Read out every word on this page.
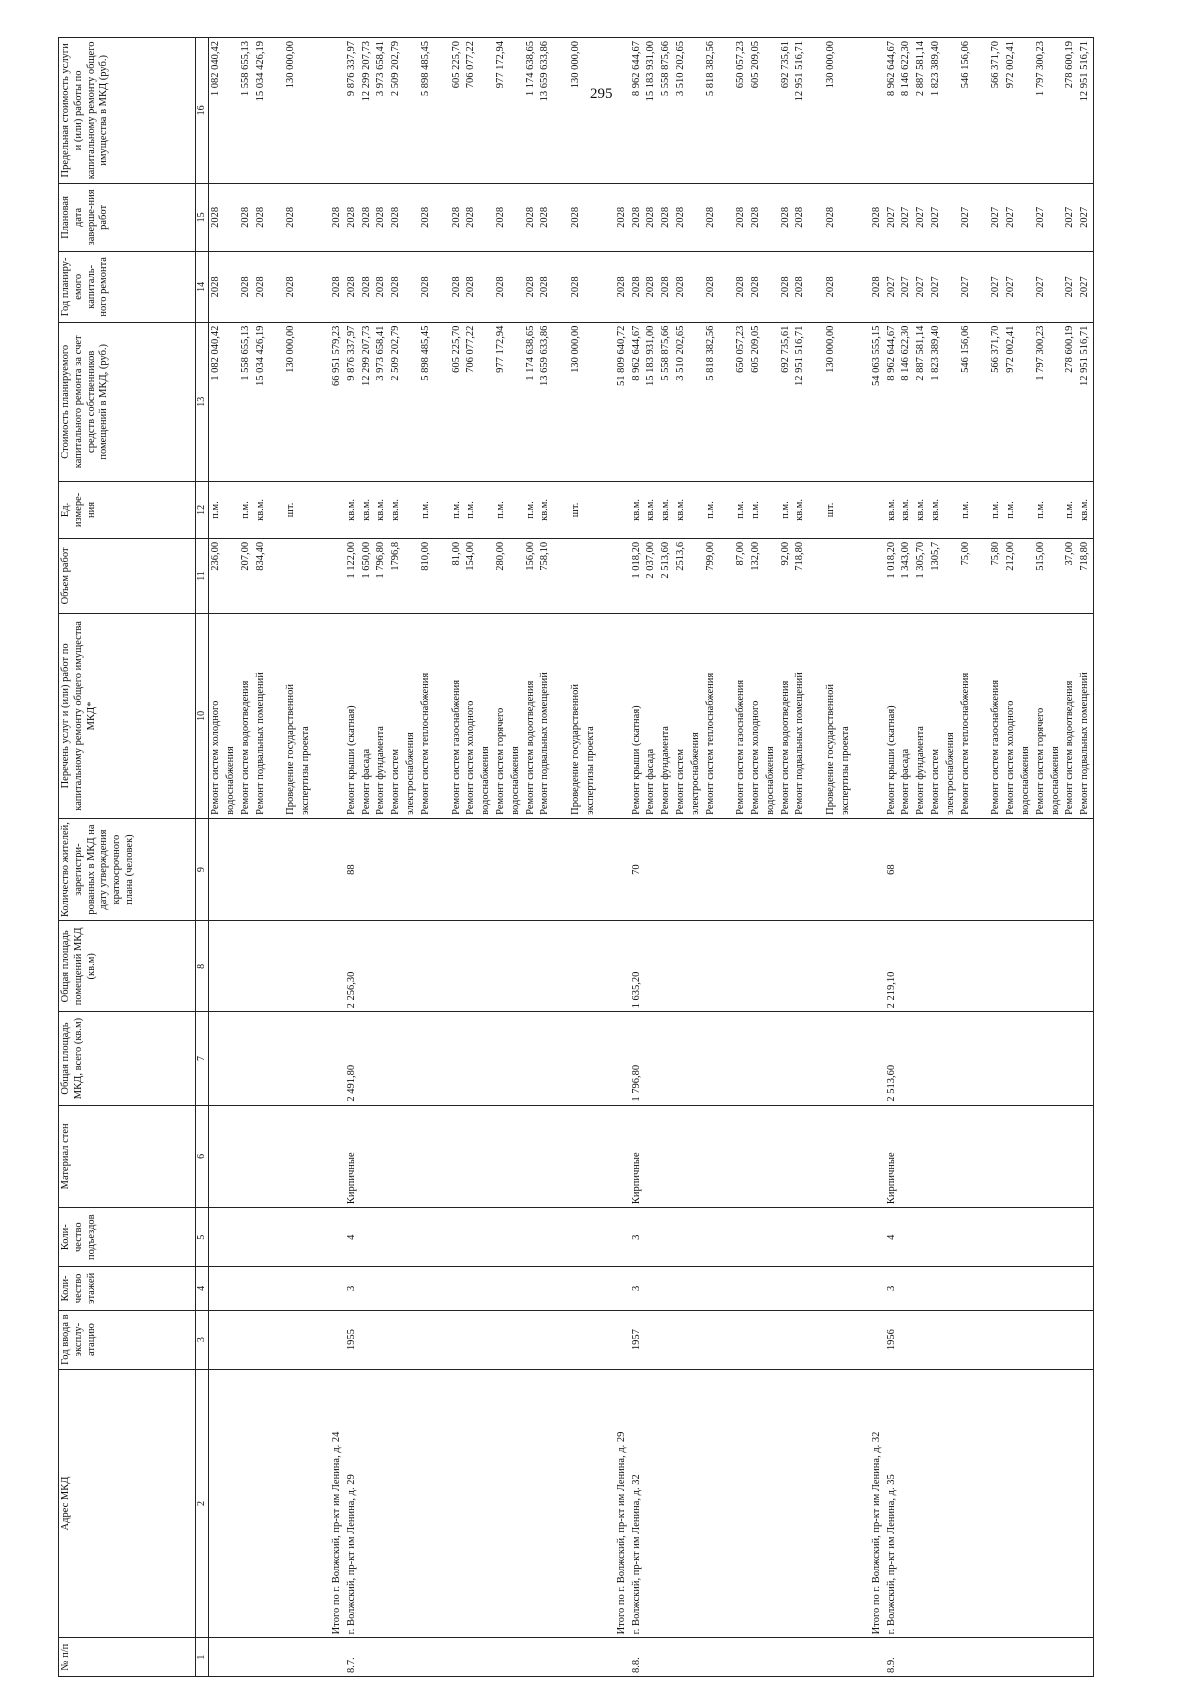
295
№ п/п	Адрес МКД	Год ввода в эксплу-атацию	Коли-чество этажей	Коли-чество подъездов	Материал стен	Общая площадь МКД, всего (кв.м)	Общая площадь помещений МКД (кв.м)	Количество жителей, зарегистри-рованных в МКД на дату утверждения краткосрочного плана (человек)	Перечень услуг и (или) работ по капитальному ремонту общего имущества МКД*	Объем работ	Ед. измере-ния	Стоимость планируемого капитального ремонта за счет средств собственников помещений в МКД, (руб.)	Год планиру-емого капиталь-ного ремонта	Плановая дата заверше-ния работ	Предельная стоимость услуги и (или) работы по капитальному ремонту общего имущества в МКД (руб.)
1	2	3	4	5	6	7	8	9	10	11	12	13	14	15	16
									Ремонт систем холодного	236,00	п.м.	1 082 040,42	2028	2028	1 082 040,42
									водоснабжения						
									Ремонт систем водоотведения	207,00	п.м.	1 558 655,13	2028	2028	1 558 655,13
									Ремонт подвальных помещений	834,40	кв.м.	15 034 426,19	2028	2028	15 034 426,19

									Проведение государственной		шт.	130 000,00	2028	2028	130 000,00
									экспертизы проекта						

	Итого по г. Волжский, пр-кт им Ленина, д. 24											66 951 579,23	2028	2028	
8.7.	г. Волжский, пр-кт им Ленина, д. 29	1955	3	4	Кирпичные	2 491,80	2 256,30	88	Ремонт крыши (скатная)	1 122,00	кв.м.	9 876 337,97	2028	2028	9 876 337,97
									Ремонт фасада	1 650,00	кв.м.	12 299 207,73	2028	2028	12 299 207,73
									Ремонт фундамента	1 796,80	кв.м.	3 973 658,41	2028	2028	3 973 658,41
									Ремонт систем	1796,8	кв.м.	2 509 202,79	2028	2028	2 509 202,79
									электроснабжения						
									Ремонт систем теплоснабжения	810,00	п.м.	5 898 485,45	2028	2028	5 898 485,45

									Ремонт систем газоснабжения	81,00	п.м.	605 225,70	2028	2028	605 225,70
									Ремонт систем холодного	154,00	п.м.	706 077,22	2028	2028	706 077,22
									водоснабжения						
									Ремонт систем горячего	280,00	п.м.	977 172,94	2028	2028	977 172,94
									водоснабжения						
									Ремонт систем водоотведения	156,00	п.м.	1 174 638,65	2028	2028	1 174 638,65
									Ремонт подвальных помещений	758,10	кв.м.	13 659 633,86	2028	2028	13 659 633,86

									Проведение государственной		шт.	130 000,00	2028	2028	130 000,00
									экспертизы проекта						

	Итого по г. Волжский, пр-кт им Ленина, д. 29											51 809 640,72	2028	2028	
8.8.	г. Волжский, пр-кт им Ленина, д. 32	1957	3	3	Кирпичные	1 796,80	1 635,20	70	Ремонт крыши (скатная)	1 018,20	кв.м.	8 962 644,67	2028	2028	8 962 644,67
									Ремонт фасада	2 037,00	кв.м.	15 183 931,00	2028	2028	15 183 931,00
									Ремонт фундамента	2 513,60	кв.м.	5 558 875,66	2028	2028	5 558 875,66
									Ремонт систем	2513,6	кв.м.	3 510 202,65	2028	2028	3 510 202,65
									электроснабжения						
									Ремонт систем теплоснабжения	799,00	п.м.	5 818 382,56	2028	2028	5 818 382,56

									Ремонт систем газоснабжения	87,00	п.м.	650 057,23	2028	2028	650 057,23
									Ремонт систем холодного	132,00	п.м.	605 209,05	2028	2028	605 209,05
									водоснабжения						
									Ремонт систем водоотведения	92,00	п.м.	692 735,61	2028	2028	692 735,61
									Ремонт подвальных помещений	718,80	кв.м.	12 951 516,71	2028	2028	12 951 516,71

									Проведение государственной		шт.	130 000,00	2028	2028	130 000,00
									экспертизы проекта						

	Итого по г. Волжский, пр-кт им Ленина, д. 32											54 063 555,15	2028	2028	
8.9.	г. Волжский, пр-кт им Ленина, д. 35	1956	3	4	Кирпичные	2 513,60	2 219,10	68	Ремонт крыши (скатная)	1 018,20	кв.м.	8 962 644,67	2027	2027	8 962 644,67
									Ремонт фасада	1 343,00	кв.м.	8 146 622,30	2027	2027	8 146 622,30
									Ремонт фундамента	1 305,70	кв.м.	2 887 581,14	2027	2027	2 887 581,14
									Ремонт систем	1305,7	кв.м.	1 823 389,40	2027	2027	1 823 389,40
									электроснабжения						
									Ремонт систем теплоснабжения	75,00	п.м.	546 156,06	2027	2027	546 156,06

									Ремонт систем газоснабжения	75,80	п.м.	566 371,70	2027	2027	566 371,70
									Ремонт систем холодного	212,00	п.м.	972 002,41	2027	2027	972 002,41
									водоснабжения						
									Ремонт систем горячего	515,00	п.м.	1 797 300,23	2027	2027	1 797 300,23
									водоснабжения						
									Ремонт систем водоотведения	37,00	п.м.	278 600,19	2027	2027	278 600,19
									Ремонт подвальных помещений	718,80	кв.м.	12 951 516,71	2027	2027	12 951 516,71
